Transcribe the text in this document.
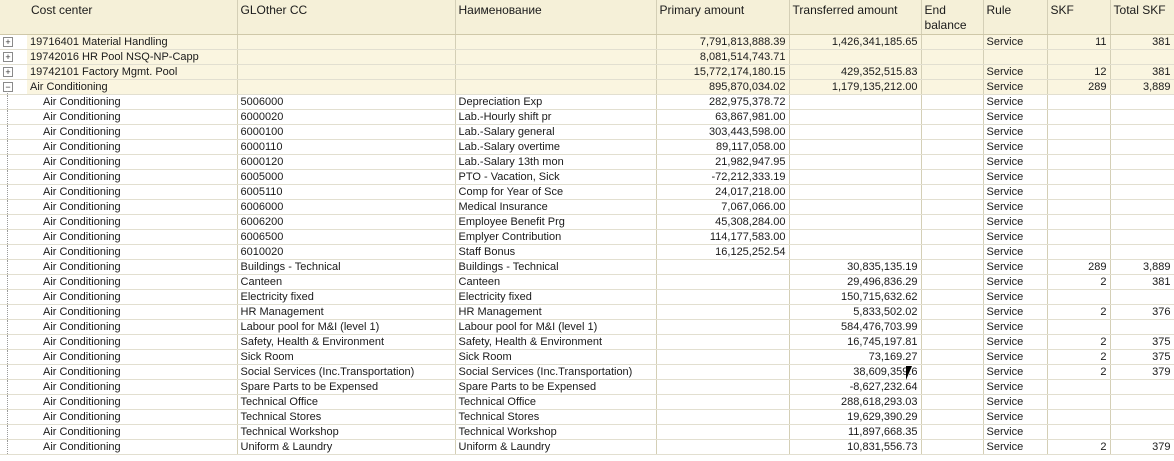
Cost center		GLOther CC	Наименование	Primary amount	Transferred amount	End balance	Rule	SKF	Total SKF

+	19716401 Material Handling			7,791,813,888.39	1,426,341,185.65		Service	11	381

+	19742016 HR Pool NSQ-NP-Capp			8,081,514,743.71					

+	19742101 Factory Mgmt. Pool			15,772,174,180.15	429,352,515.83		Service	12	381

−	Air Conditioning			895,870,034.02	1,179,135,212.00		Service	289	3,889

	Air Conditioning	5006000	Depreciation Exp	282,975,378.72			Service		

	Air Conditioning	6000020	Lab.-Hourly shift pr	63,867,981.00			Service		

	Air Conditioning	6000100	Lab.-Salary general	303,443,598.00			Service		

	Air Conditioning	6000110	Lab.-Salary overtime	89,117,058.00			Service		

	Air Conditioning	6000120	Lab.-Salary 13th mon	21,982,947.95			Service		

	Air Conditioning	6005000	PTO - Vacation, Sick	-72,212,333.19			Service		

	Air Conditioning	6005110	Comp for Year of Sce	24,017,218.00			Service		

	Air Conditioning	6006000	Medical Insurance	7,067,066.00			Service		

	Air Conditioning	6006200	Employee Benefit Prg	45,308,284.00			Service		

	Air Conditioning	6006500	Emplyer Contribution	114,177,583.00			Service		

	Air Conditioning	6010020	Staff Bonus	16,125,252.54			Service		

	Air Conditioning	Buildings - Technical	Buildings - Technical		30,835,135.19		Service	289	3,889

	Air Conditioning	Canteen	Canteen		29,496,836.29		Service	2	381

	Air Conditioning	Electricity fixed	Electricity fixed		150,715,632.62		Service		

	Air Conditioning	HR Management	HR Management		5,833,502.02		Service	2	376

	Air Conditioning	Labour pool for M&I (level 1)	Labour pool for M&I (level 1)		584,476,703.99		Service		

	Air Conditioning	Safety, Health & Environment	Safety, Health & Environment		16,745,197.81		Service	2	375

	Air Conditioning	Sick Room	Sick Room		73,169.27		Service	2	375

	Air Conditioning	Social Services (Inc.Transportation)	Social Services (Inc.Transportation)		38,609,359.6		Service	2	379

	Air Conditioning	Spare Parts to be Expensed	Spare Parts to be Expensed		-8,627,232.64		Service		

	Air Conditioning	Technical Office	Technical Office		288,618,293.03		Service		

	Air Conditioning	Technical Stores	Technical Stores		19,629,390.29		Service		

	Air Conditioning	Technical Workshop	Technical Workshop		11,897,668.35		Service		

	Air Conditioning	Uniform & Laundry	Uniform & Laundry		10,831,556.73		Service	2	379
